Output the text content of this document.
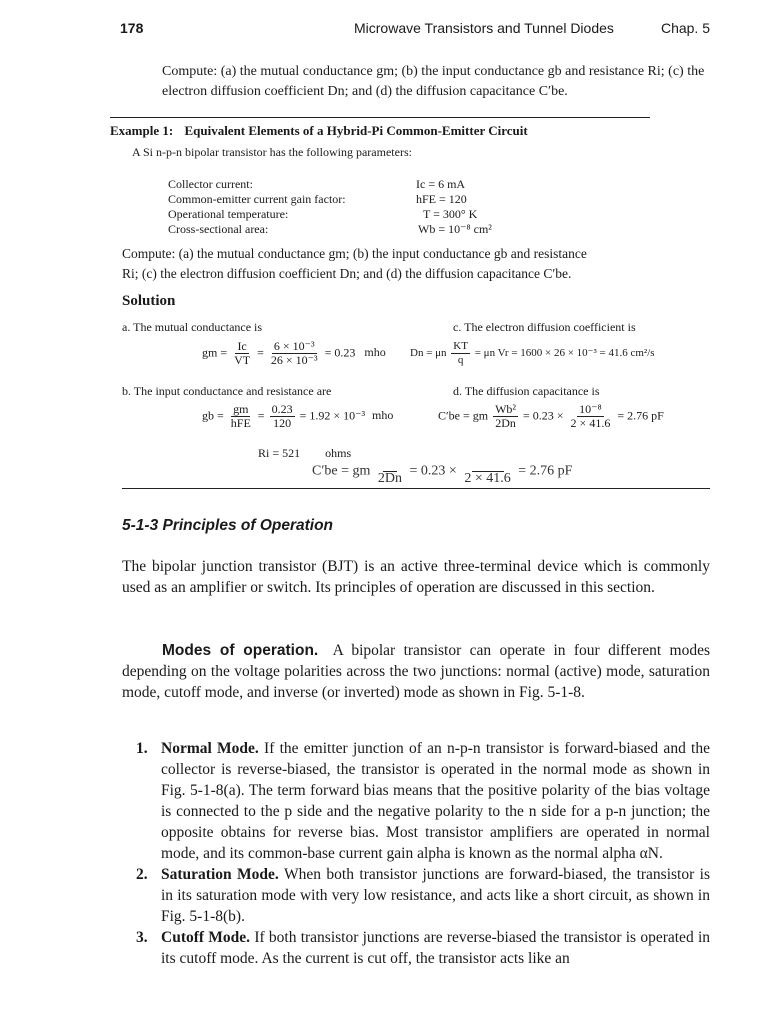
178	Microwave Transistors and Tunnel Diodes	Chap. 5
Compute: (a) the mutual conductance gm; (b) the input conductance gb and resistance Ri; (c) the electron diffusion coefficient Dn; and (d) the diffusion capacitance C′be.
Example 1: Equivalent Elements of a Hybrid-Pi Common-Emitter Circuit
A Si n-p-n bipolar transistor has the following parameters:
Collector current:	Ic = 6 mA
Common-emitter current gain factor:	hFE = 120
Operational temperature:	T = 300° K
Cross-sectional area:	Wb = 10⁻⁸ cm²
Compute: (a) the mutual conductance gm; (b) the input conductance gb and resistance
Ri; (c) the electron diffusion coefficient Dn; and (d) the diffusion capacitance C′be.
Solution
a. The mutual conductance is
gm = $\frac{Ic}{VT} = \frac{\text{6 × 10⁻³}}{\text{26 × 10⁻³}} = 0.23$ mho
c. The electron diffusion coefficient is
Dn = μn $\frac{KT}{q} = \mu n$ Vr = 1600 × 26 × 10⁻³ = 41.6 cm²/s
b. The input conductance and resistance are
gb = $\frac{gm}{\text{hFE}} = \frac{0.23}{120} = 1.92 \times 10^{-3}$ mho
Ri = 521 ohms
d. The diffusion capacitance is
C′be = gm $\frac{\text{Wb²}}{2Dn} = 0.23 \times \frac{\text{10⁻⁸}}{2 \times 41.6} = 2.76$ pF
C′be = gm
2Dn = 0.23 ×
2 × 41.6 = 2.76 pF
5-1-3 Principles of Operation
The bipolar junction transistor (BJT) is an active three-terminal device which is commonly used as an amplifier or switch. Its principles of operation are discussed in this section.
Modes of operation. A bipolar transistor can operate in four different modes depending on the voltage polarities across the two junctions: normal (active) mode, saturation mode, cutoff mode, and inverse (or inverted) mode as shown in Fig. 5-1-8.
1. Normal Mode. If the emitter junction of an n-p-n transistor is forward-biased and the collector is reverse-biased, the transistor is operated in the normal mode as shown in Fig. 5-1-8(a). The term forward bias means that the positive polarity of the bias voltage is connected to the p side and the negative polarity to the n side for a p-n junction; the opposite obtains for reverse bias. Most transistor amplifiers are operated in normal mode, and its common-base current gain alpha is known as the normal alpha αN.
2. Saturation Mode. When both transistor junctions are forward-biased, the transistor is in its saturation mode with very low resistance, and acts like a short circuit, as shown in Fig. 5-1-8(b).
3. Cutoff Mode. If both transistor junctions are reverse-biased the transistor is operated in its cutoff mode. As the current is cut off, the transistor acts like an
